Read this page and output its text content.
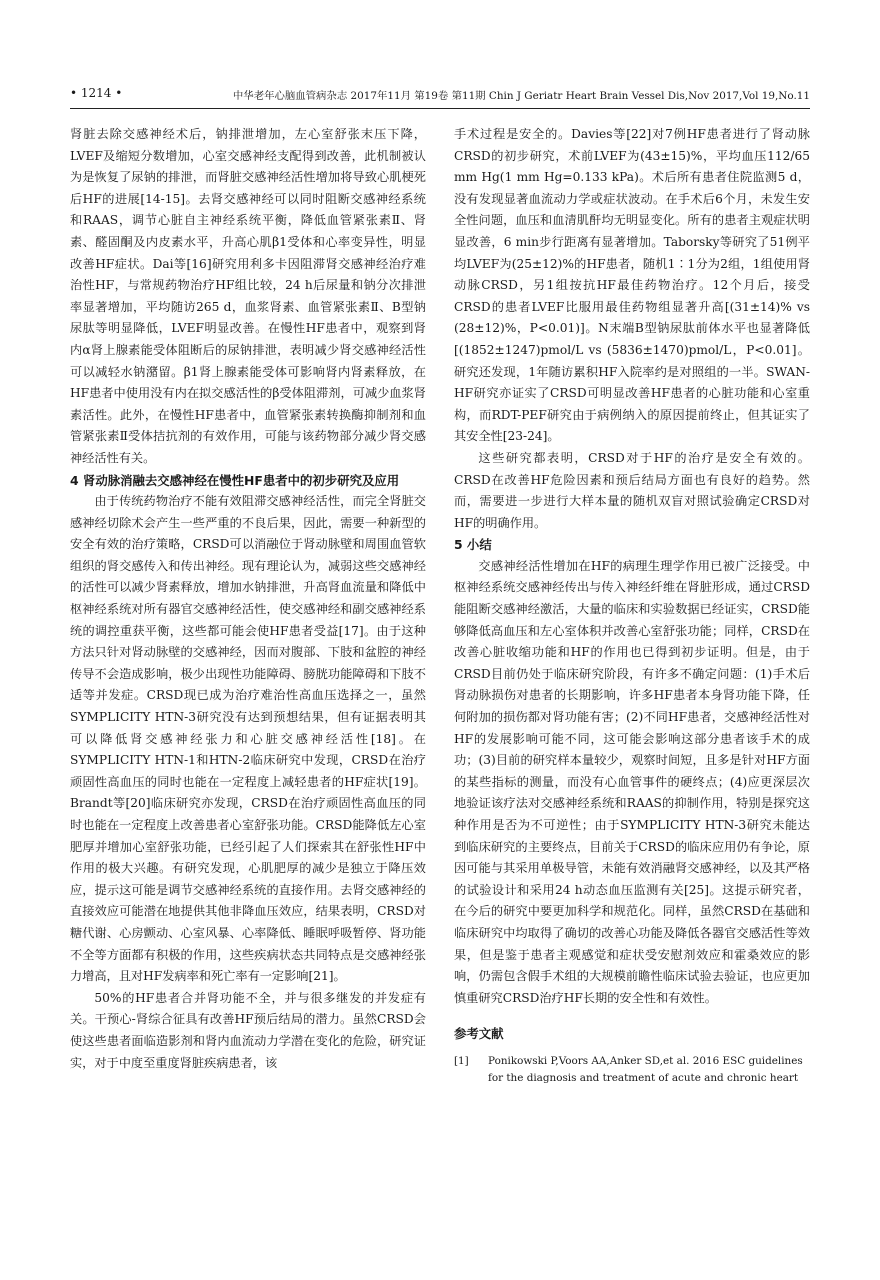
• 1214 •	中华老年心脑血管病杂志 2017年11月 第19卷 第11期 Chin J Geriatr Heart Brain Vessel Dis,Nov 2017,Vol 19,No.11

肾脏去除交感神经术后，钠排泄增加，左心室舒张末压下降，LVEF及缩短分数增加，心室交感神经支配得到改善，此机制被认为是恢复了尿钠的排泄，而肾脏交感神经活性增加将导致心肌梗死后HF的进展[14-15]。去肾交感神经可以同时阻断交感神经系统和RAAS，调节心脏自主神经系统平衡，降低血管紧张素Ⅱ、肾素、醛固酮及内皮素水平，升高心肌β1受体和心率变异性，明显改善HF症状。Dai等[16]研究用利多卡因阻滞肾交感神经治疗难治性HF，与常规药物治疗HF组比较，24 h后尿量和钠分次排泄率显著增加，平均随访265 d，血浆肾素、血管紧张素Ⅱ、B型钠尿肽等明显降低，LVEF明显改善。在慢性HF患者中，观察到肾内α肾上腺素能受体阻断后的尿钠排泄，表明减少肾交感神经活性可以减轻水钠潴留。β1肾上腺素能受体可影响肾内肾素释放，在HF患者中使用没有内在拟交感活性的β受体阻滞剂，可减少血浆肾素活性。此外，在慢性HF患者中，血管紧张素转换酶抑制剂和血管紧张素Ⅱ受体拮抗剂的有效作用，可能与该药物部分减少肾交感神经活性有关。

4 肾动脉消融去交感神经在慢性HF患者中的初步研究及应用

由于传统药物治疗不能有效阻滞交感神经活性，而完全肾脏交感神经切除术会产生一些严重的不良后果，因此，需要一种新型的安全有效的治疗策略，CRSD可以消融位于肾动脉壁和周围血管软组织的肾交感传入和传出神经。现有理论认为，减弱这些交感神经的活性可以减少肾素释放，增加水钠排泄，升高肾血流量和降低中枢神经系统对所有器官交感神经活性，使交感神经和副交感神经系统的调控重获平衡，这些都可能会使HF患者受益[17]。由于这种方法只针对肾动脉壁的交感神经，因而对腹部、下肢和盆腔的神经传导不会造成影响，极少出现性功能障碍、膀胱功能障碍和下肢不适等并发症。CRSD现已成为治疗难治性高血压选择之一，虽然SYMPLICITY HTN-3研究没有达到预想结果，但有证据表明其可以降低肾交感神经张力和心脏交感神经活性[18]。在SYMPLICITY HTN-1和HTN-2临床研究中发现，CRSD在治疗顽固性高血压的同时也能在一定程度上减轻患者的HF症状[19]。Brandt等[20]临床研究亦发现，CRSD在治疗顽固性高血压的同时也能在一定程度上改善患者心室舒张功能。CRSD能降低左心室肥厚并增加心室舒张功能，已经引起了人们探索其在舒张性HF中作用的极大兴趣。有研究发现，心肌肥厚的减少是独立于降压效应，提示这可能是调节交感神经系统的直接作用。去肾交感神经的直接效应可能潜在地提供其他非降血压效应，结果表明，CRSD对糖代谢、心房颤动、心室风暴、心率降低、睡眠呼吸暂停、肾功能不全等方面都有积极的作用，这些疾病状态共同特点是交感神经张力增高，且对HF发病率和死亡率有一定影响[21]。

50%的HF患者合并肾功能不全，并与很多继发的并发症有关。干预心-肾综合征具有改善HF预后结局的潜力。虽然CRSD会使这些患者面临造影剂和肾内血流动力学潜在变化的危险，研究证实，对于中度至重度肾脏疾病患者，该

手术过程是安全的。Davies等[22]对7例HF患者进行了肾动脉CRSD的初步研究，术前LVEF为(43±15)%，平均血压112/65 mm Hg(1 mm Hg=0.133 kPa)。术后所有患者住院监测5 d，没有发现显著血流动力学或症状波动。在手术后6个月，未发生安全性问题，血压和血清肌酐均无明显变化。所有的患者主观症状明显改善，6 min步行距离有显著增加。Taborsky等研究了51例平均LVEF为(25±12)%的HF患者，随机1∶1分为2组，1组使用肾动脉CRSD，另1组按抗HF最佳药物治疗。12个月后，接受CRSD的患者LVEF比服用最佳药物组显著升高[(31±14)% vs (28±12)%，P<0.01)]。N末端B型钠尿肽前体水平也显著降低[(1852±1247)pmol/L vs (5836±1470)pmol/L，P<0.01]。研究还发现，1年随访累积HF入院率约是对照组的一半。SWAN-HF研究亦证实了CRSD可明显改善HF患者的心脏功能和心室重构，而RDT-PEF研究由于病例纳入的原因提前终止，但其证实了其安全性[23-24]。

这些研究都表明，CRSD对于HF的治疗是安全有效的。CRSD在改善HF危险因素和预后结局方面也有良好的趋势。然而，需要进一步进行大样本量的随机双盲对照试验确定CRSD对HF的明确作用。

5 小结

交感神经活性增加在HF的病理生理学作用已被广泛接受。中枢神经系统交感神经传出与传入神经纤维在肾脏形成，通过CRSD能阻断交感神经激活，大量的临床和实验数据已经证实，CRSD能够降低高血压和左心室体积并改善心室舒张功能；同样，CRSD在改善心脏收缩功能和HF的作用也已得到初步证明。但是，由于CRSD目前仍处于临床研究阶段，有许多不确定问题：(1)手术后肾动脉损伤对患者的长期影响，许多HF患者本身肾功能下降，任何附加的损伤都对肾功能有害；(2)不同HF患者，交感神经活性对HF的发展影响可能不同，这可能会影响这部分患者该手术的成功；(3)目前的研究样本量较少，观察时间短，且多是针对HF方面的某些指标的测量，而没有心血管事件的硬终点；(4)应更深层次地验证该疗法对交感神经系统和RAAS的抑制作用，特别是探究这种作用是否为不可逆性；由于SYMPLICITY HTN-3研究未能达到临床研究的主要终点，目前关于CRSD的临床应用仍有争论，原因可能与其采用单极导管，未能有效消融肾交感神经，以及其严格的试验设计和采用24 h动态血压监测有关[25]。这提示研究者，在今后的研究中要更加科学和规范化。同样，虽然CRSD在基础和临床研究中均取得了确切的改善心功能及降低各器官交感活性等效果，但是鉴于患者主观感觉和症状受安慰剂效应和霍桑效应的影响，仍需包含假手术组的大规模前瞻性临床试验去验证，也应更加慎重研究CRSD治疗HF长期的安全性和有效性。

参考文献
[1]	Ponikowski P,Voors AA,Anker SD,et al. 2016 ESC guidelines for the diagnosis and treatment of acute and chronic heart
